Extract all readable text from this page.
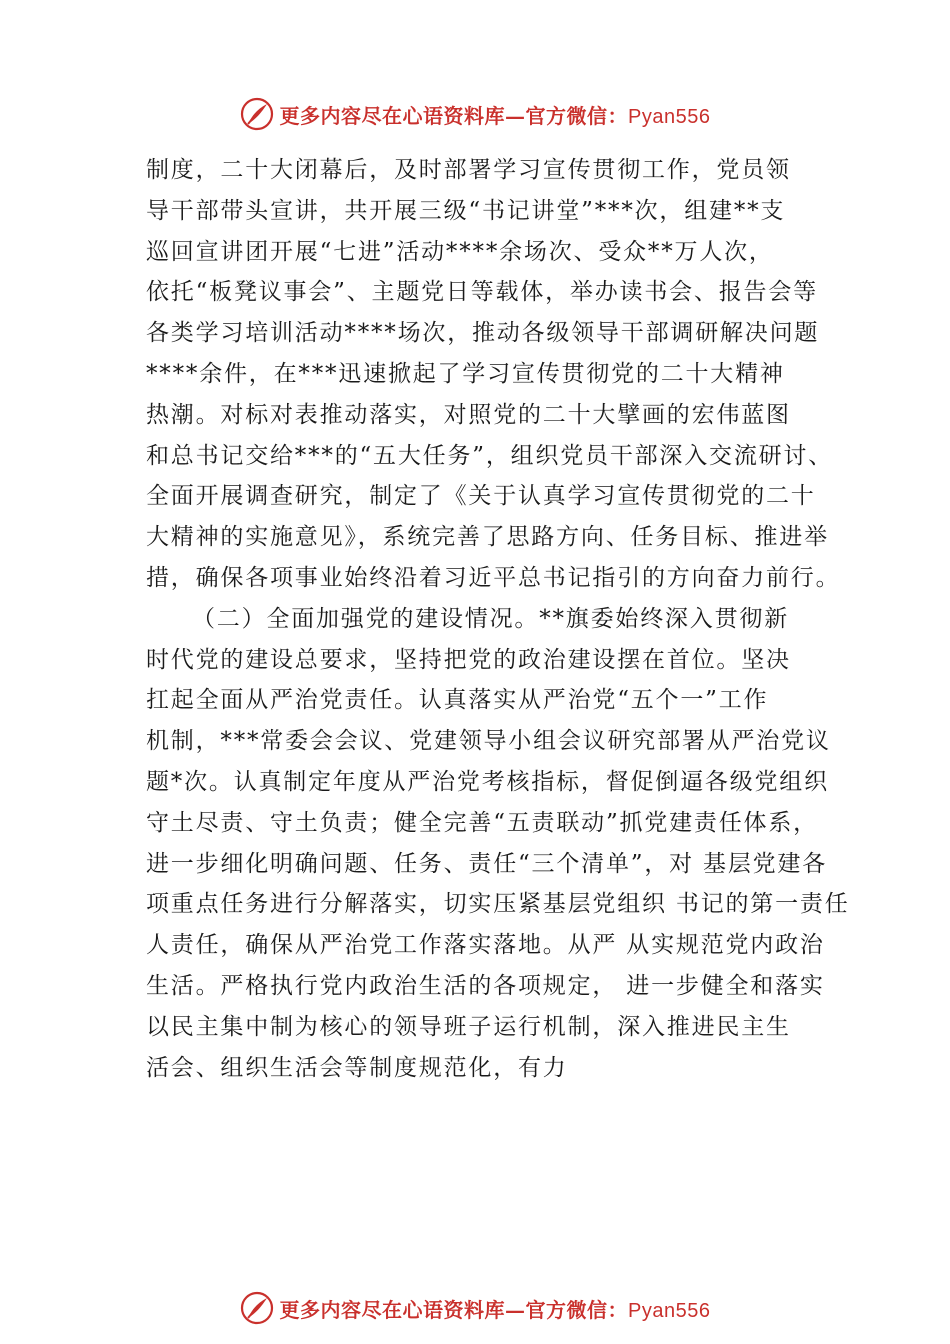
更多内容尽在心语资料库—官方微信：Pyan556
制度，二十大闭幕后，及时部署学习宣传贯彻工作，党员领
导干部带头宣讲，共开展三级“书记讲堂”***次，组建**支
巡回宣讲团开展“七进”活动****余场次、受众**万人次，
依托“板凳议事会”、主题党日等载体，举办读书会、报告会等
各类学习培训活动****场次，推动各级领导干部调研解决问题
****余件，在***迅速掀起了学习宣传贯彻党的二十大精神
热潮。对标对表推动落实，对照党的二十大擘画的宏伟蓝图
和总书记交给***的“五大任务”，组织党员干部深入交流研讨、
全面开展调查研究，制定了《关于认真学习宣传贯彻党的二十
大精神的实施意见》，系统完善了思路方向、任务目标、推进举
措，确保各项事业始终沿着习近平总书记指引的方向奋力前行。
（二）全面加强党的建设情况。**旗委始终深入贯彻新
时代党的建设总要求，坚持把党的政治建设摆在首位。坚决
扛起全面从严治党责任。认真落实从严治党“五个一”工作
机制，***常委会会议、党建领导小组会议研究部署从严治党议
题*次。认真制定年度从严治党考核指标，督促倒逼各级党组织
守土尽责、守土负责；健全完善“五责联动”抓党建责任体系，
进一步细化明确问题、任务、责任“三个清单”，对 基层党建各
项重点任务进行分解落实，切实压紧基层党组织 书记的第一责任
人责任，确保从严治党工作落实落地。从严 从实规范党内政治
生活。严格执行党内政治生活的各项规定， 进一步健全和落实
以民主集中制为核心的领导班子运行机制，深入推进民主生
活会、组织生活会等制度规范化，有力
更多内容尽在心语资料库—官方微信：Pyan556
